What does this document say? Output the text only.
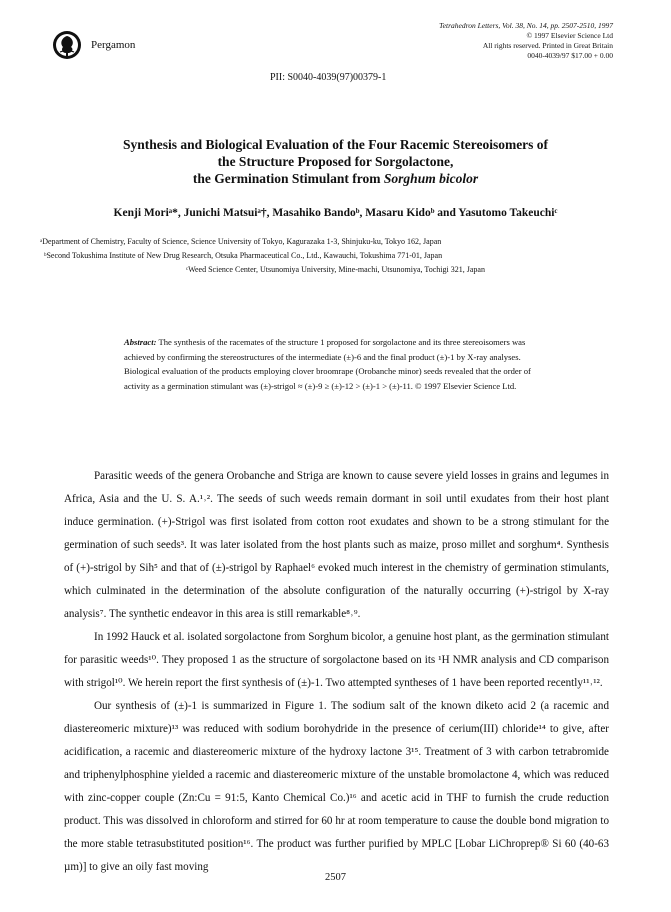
Pergamon
Tetrahedron Letters, Vol. 38, No. 14, pp. 2507-2510, 1997
© 1997 Elsevier Science Ltd
All rights reserved. Printed in Great Britain
0040-4039/97 $17.00 + 0.00
PII: S0040-4039(97)00379-1
Synthesis and Biological Evaluation of the Four Racemic Stereoisomers of
the Structure Proposed for Sorgolactone,
the Germination Stimulant from Sorghum bicolor
Kenji Moriᵃ*, Junichi Matsuiᵃ†, Masahiko Bandoᵇ, Masaru Kidoᵇ and Yasutomo Takeuchiᶜ
ᵃDepartment of Chemistry, Faculty of Science, Science University of Tokyo, Kagurazaka 1-3, Shinjuku-ku, Tokyo 162, Japan
ᵇSecond Tokushima Institute of New Drug Research, Otsuka Pharmaceutical Co., Ltd., Kawauchi, Tokushima 771-01, Japan
ᶜWeed Science Center, Utsunomiya University, Mine-machi, Utsunomiya, Tochigi 321, Japan
Abstract: The synthesis of the racemates of the structure 1 proposed for sorgolactone and its three stereoisomers was achieved by confirming the stereostructures of the intermediate (±)-6 and the final product (±)-1 by X-ray analyses. Biological evaluation of the products employing clover broomrape (Orobanche minor) seeds revealed that the order of activity as a germination stimulant was (±)-strigol ≈ (±)-9 ≥ (±)-12 > (±)-1 > (±)-11. © 1997 Elsevier Science Ltd.

Parasitic weeds of the genera Orobanche and Striga are known to cause severe yield losses in grains and legumes in Africa, Asia and the U. S. A.¹˒². The seeds of such weeds remain dormant in soil until exudates from their host plant induce germination. (+)-Strigol was first isolated from cotton root exudates and shown to be a strong stimulant for the germination of such seeds³. It was later isolated from the host plants such as maize, proso millet and sorghum⁴. Synthesis of (+)-strigol by Sih⁵ and that of (±)-strigol by Raphael⁶ evoked much interest in the chemistry of germination stimulants, which culminated in the determination of the absolute configuration of the naturally occurring (+)-strigol by X-ray analysis⁷. The synthetic endeavor in this area is still remarkable⁸˒⁹.

In 1992 Hauck et al. isolated sorgolactone from Sorghum bicolor, a genuine host plant, as the germination stimulant for parasitic weeds¹⁰. They proposed 1 as the structure of sorgolactone based on its ¹H NMR analysis and CD comparison with strigol¹⁰. We herein report the first synthesis of (±)-1. Two attempted syntheses of 1 have been reported recently¹¹˒¹².

Our synthesis of (±)-1 is summarized in Figure 1. The sodium salt of the known diketo acid 2 (a racemic and diastereomeric mixture)¹³ was reduced with sodium borohydride in the presence of cerium(III) chloride¹⁴ to give, after acidification, a racemic and diastereomeric mixture of the hydroxy lactone 3¹⁵. Treatment of 3 with carbon tetrabromide and triphenylphosphine yielded a racemic and diastereomeric mixture of the unstable bromolactone 4, which was reduced with zinc-copper couple (Zn:Cu = 91:5, Kanto Chemical Co.)¹⁶ and acetic acid in THF to furnish the crude reduction product. This was dissolved in chloroform and stirred for 60 hr at room temperature to cause the double bond migration to the more stable tetrasubstituted position¹⁶. The product was further purified by MPLC [Lobar LiChroprep® Si 60 (40-63 µm)] to give an oily fast moving

2507
